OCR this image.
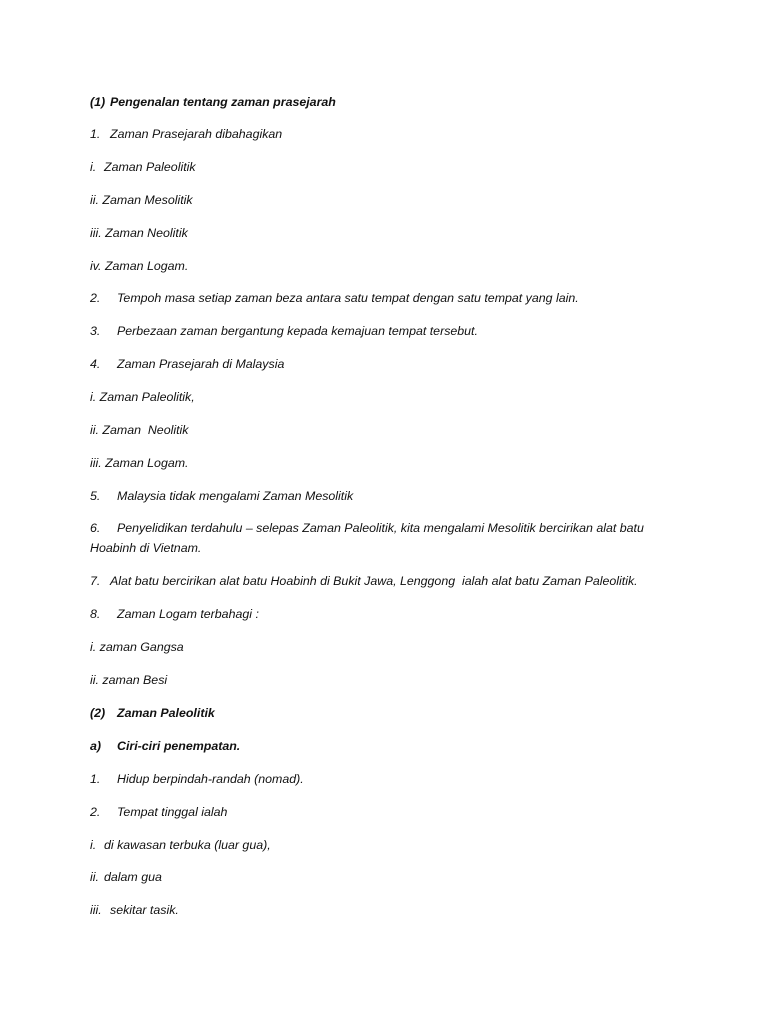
(1) Pengenalan tentang zaman prasejarah
1. Zaman Prasejarah dibahagikan
i. Zaman Paleolitik
ii. Zaman Mesolitik
iii. Zaman Neolitik
iv. Zaman Logam.
2. Tempoh masa setiap zaman beza antara satu tempat dengan satu tempat yang lain.
3. Perbezaan zaman bergantung kepada kemajuan tempat tersebut.
4. Zaman Prasejarah di Malaysia
i. Zaman Paleolitik,
ii. Zaman  Neolitik
iii. Zaman Logam.
5. Malaysia tidak mengalami Zaman Mesolitik
6. Penyelidikan terdahulu – selepas Zaman Paleolitik, kita mengalami Mesolitik bercirikan alat batu Hoabinh di Vietnam.
7. Alat batu bercirikan alat batu Hoabinh di Bukit Jawa, Lenggong  ialah alat batu Zaman Paleolitik.
8. Zaman Logam terbahagi :
i. zaman Gangsa
ii. zaman Besi
(2) Zaman Paleolitik
a) Ciri-ciri penempatan.
1. Hidup berpindah-randah (nomad).
2. Tempat tinggal ialah
i. di kawasan terbuka (luar gua),
ii. dalam gua
iii. sekitar tasik.
